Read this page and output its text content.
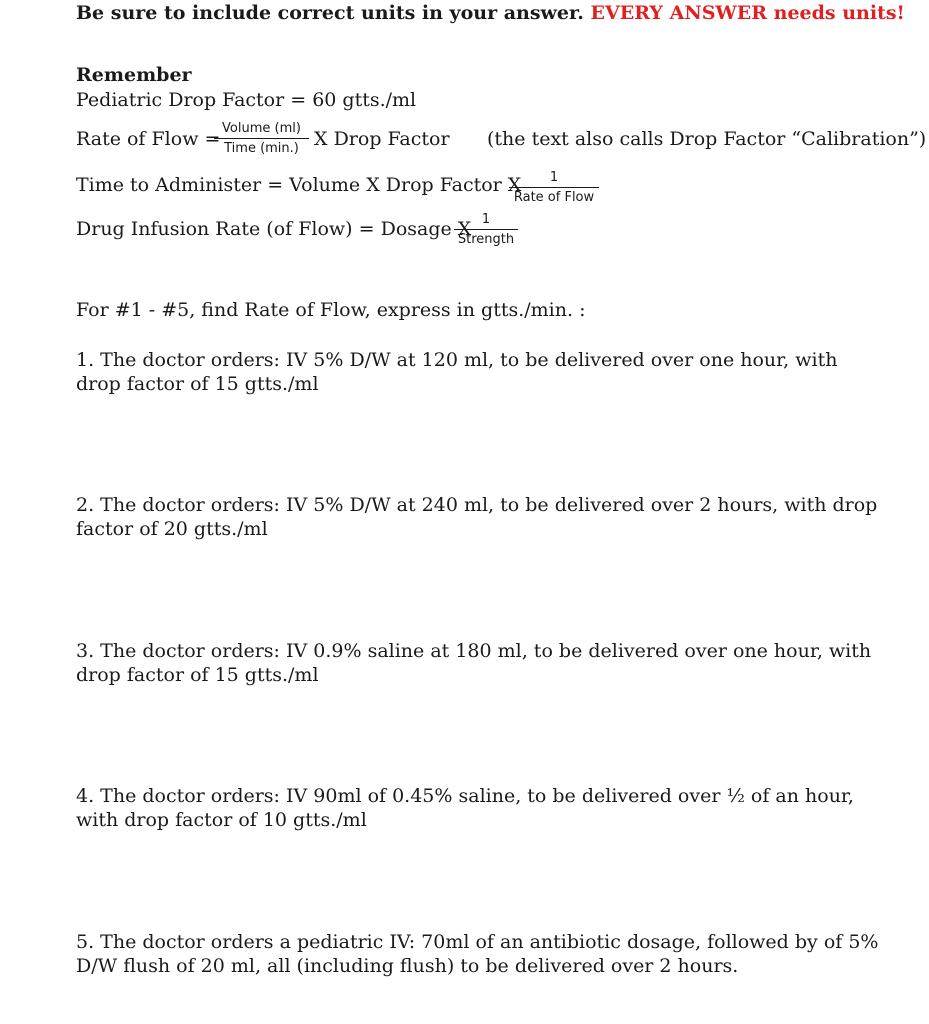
Be sure to include correct units in your answer. EVERY ANSWER needs units!
Remember
Pediatric Drop Factor = 60 gtts./ml
Rate of Flow = Volume (ml)
Time (min.) X Drop Factor (the text also calls Drop Factor “Calibration”)
Time to Administer = Volume X Drop Factor X	1
Rate of Flow
Drug Infusion Rate (of Flow) = Dosage X 1
Strength
For #1 - #5, find Rate of Flow, express in gtts./min. :
1. The doctor orders: IV 5% D/W at 120 ml, to be delivered over one hour, with drop factor of 15 gtts./ml
2. The doctor orders: IV 5% D/W at 240 ml, to be delivered over 2 hours, with drop factor of 20 gtts./ml
3. The doctor orders: IV 0.9% saline at 180 ml, to be delivered over one hour, with drop factor of 15 gtts./ml
4. The doctor orders: IV 90ml of 0.45% saline, to be delivered over ½ of an hour, with drop factor of 10 gtts./ml
5. The doctor orders a pediatric IV: 70ml of an antibiotic dosage, followed by of 5% D/W flush of 20 ml, all (including flush) to be delivered over 2 hours.
